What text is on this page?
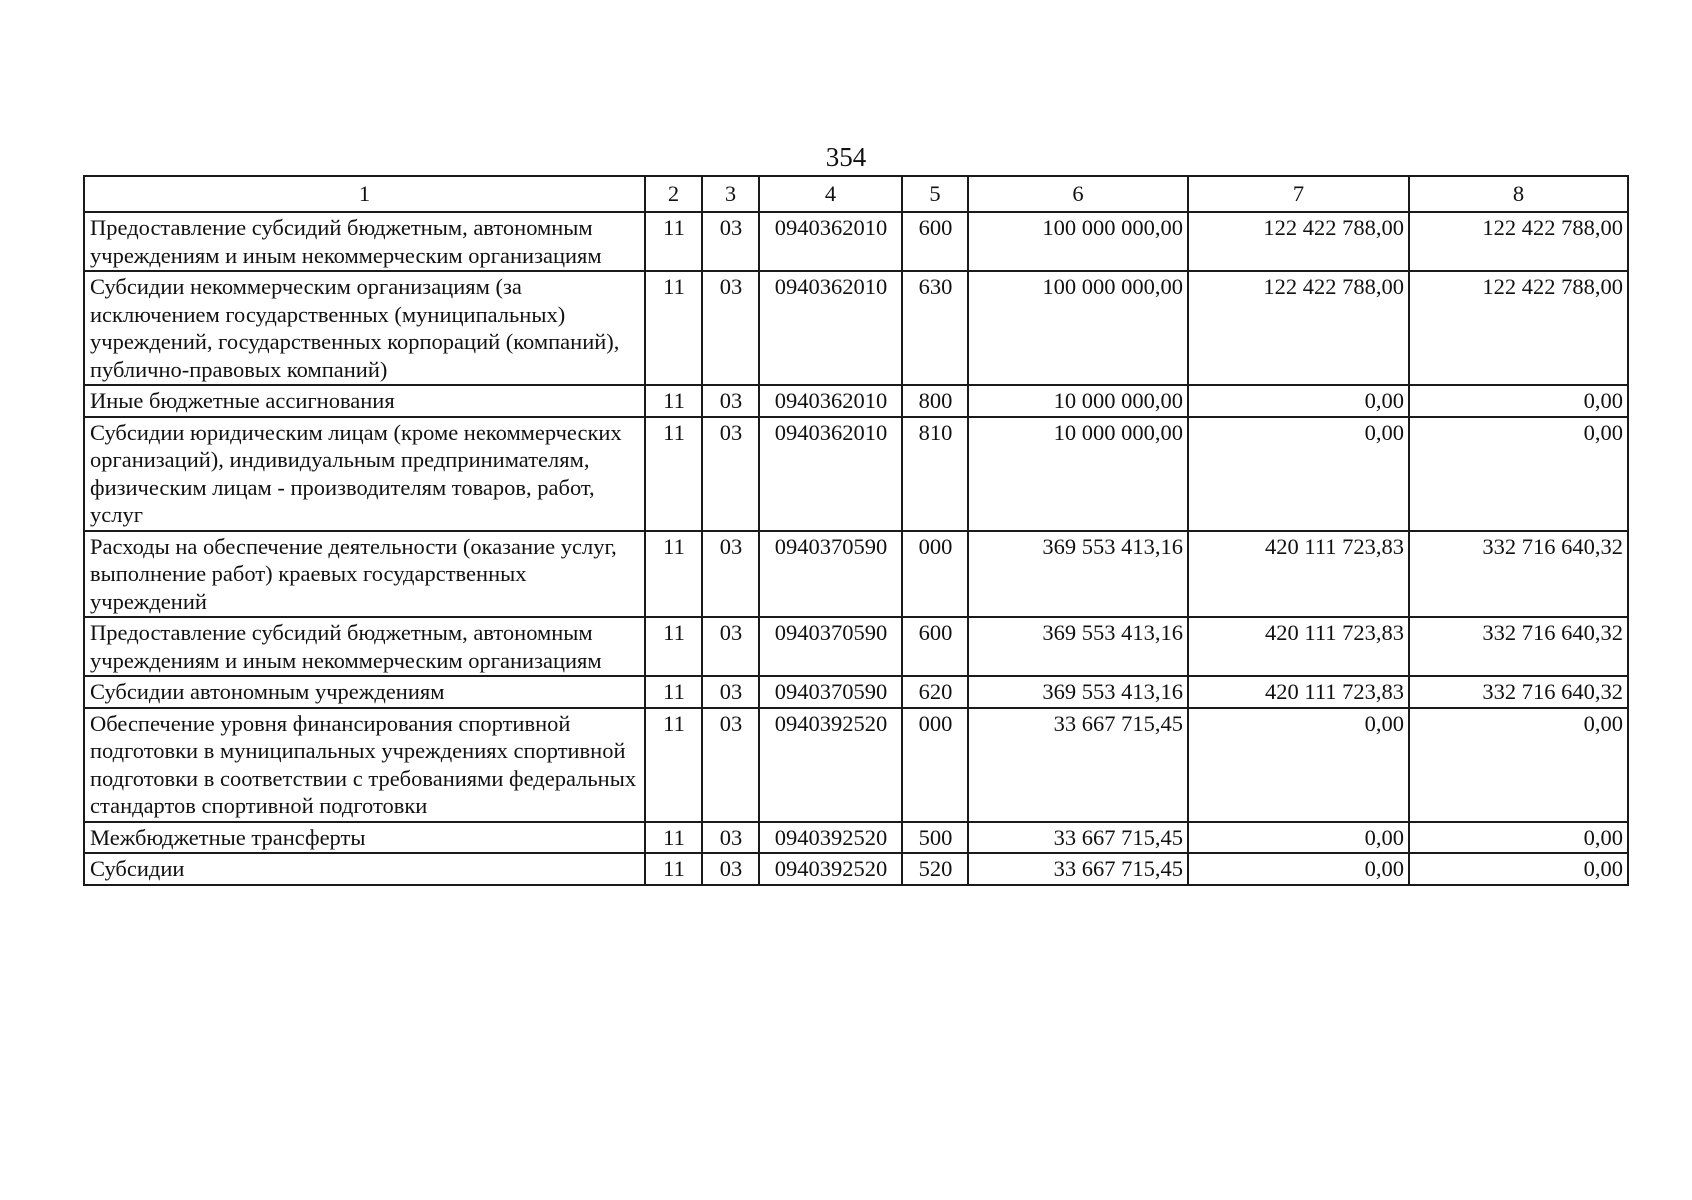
354
1	2	3	4	5	6	7	8
Предоставление субсидий бюджетным, автономным учреждениям и иным некоммерческим организациям	11	03	0940362010	600	100 000 000,00	122 422 788,00	122 422 788,00
Субсидии некоммерческим организациям (за исключением государственных (муниципальных) учреждений, государственных корпораций (компаний), публично-правовых компаний)	11	03	0940362010	630	100 000 000,00	122 422 788,00	122 422 788,00
Иные бюджетные ассигнования	11	03	0940362010	800	10 000 000,00	0,00	0,00
Субсидии юридическим лицам (кроме некоммерческих организаций), индивидуальным предпринимателям, физическим лицам - производителям товаров, работ, услуг	11	03	0940362010	810	10 000 000,00	0,00	0,00
Расходы на обеспечение деятельности (оказание услуг, выполнение работ) краевых государственных учреждений	11	03	0940370590	000	369 553 413,16	420 111 723,83	332 716 640,32
Предоставление субсидий бюджетным, автономным учреждениям и иным некоммерческим организациям	11	03	0940370590	600	369 553 413,16	420 111 723,83	332 716 640,32
Субсидии автономным учреждениям	11	03	0940370590	620	369 553 413,16	420 111 723,83	332 716 640,32
Обеспечение уровня финансирования спортивной подготовки в муниципальных учреждениях спортивной подготовки в соответствии с требованиями федеральных стандартов спортивной подготовки	11	03	0940392520	000	33 667 715,45	0,00	0,00
Межбюджетные трансферты	11	03	0940392520	500	33 667 715,45	0,00	0,00
Субсидии	11	03	0940392520	520	33 667 715,45	0,00	0,00
